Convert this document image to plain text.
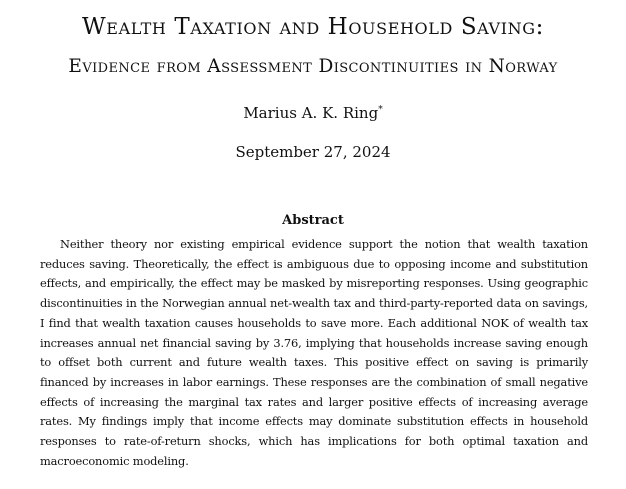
Wealth Taxation and Household Saving:
Evidence from Assessment Discontinuities in Norway
Marius A. K. Ring*
September 27, 2024
Abstract

Neither theory nor existing empirical evidence support the notion that wealth taxation reduces saving. Theoretically, the effect is ambiguous due to opposing income and substitution effects, and empirically, the effect may be masked by misreporting responses. Using geographic discontinuities in the Norwegian annual net-wealth tax and third-party-reported data on savings, I find that wealth taxation causes households to save more. Each additional NOK of wealth tax increases annual net financial saving by 3.76, implying that households increase saving enough to offset both current and future wealth taxes. This positive effect on saving is primarily financed by increases in labor earnings. These responses are the combination of small negative effects of increasing the marginal tax rates and larger positive effects of increasing average rates. My findings imply that income effects may dominate substitution effects in household responses to rate-of-return shocks, which has implications for both optimal taxation and macroeconomic modeling.
